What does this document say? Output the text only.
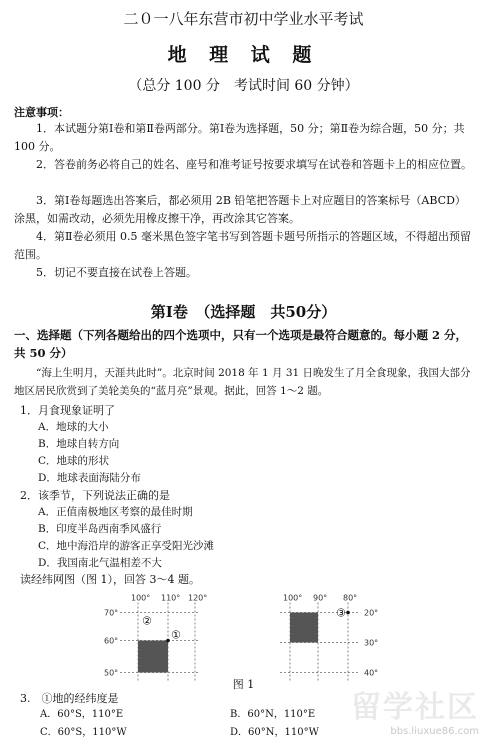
二０一八年东营市初中学业水平考试
地 理 试 题
（总分 100 分　考试时间 60 分钟）
注意事项：
1．本试题分第Ⅰ卷和第Ⅱ卷两部分。第Ⅰ卷为选择题，50 分；第Ⅱ卷为综合题，50 分；共 100 分。
2．答卷前务必将自己的姓名、座号和准考证号按要求填写在试卷和答题卡上的相应位置。
3．第Ⅰ卷每题选出答案后，都必须用 2B 铅笔把答题卡上对应题目的答案标号（ABCD）涂黑，如需改动，必须先用橡皮擦干净，再改涂其它答案。
4．第Ⅱ卷必须用 0.5 毫米黑色签字笔书写到答题卡题号所指示的答题区域，不得超出预留范围。
5．切记不要直接在试卷上答题。
第Ⅰ卷　（选择题　共50分）
一、选择题（下列各题给出的四个选项中，只有一个选项是最符合题意的。每小题 2 分，共 50 分）
“海上生明月，天涯共此时”。北京时间 2018 年 1 月 31 日晚发生了月全食现象，我国大部分地区居民欣赏到了美轮美奂的“蓝月亮”景观。据此，回答 1～2 题。
1．月食现象证明了
A．地球的大小
B．地球自转方向
C．地球的形状
D．地球表面海陆分布
2．该季节，下列说法正确的是
A．正值南极地区考察的最佳时期
B．印度半岛西南季风盛行
C．地中海沿岸的游客正享受阳光沙滩
D．我国南北气温相差不大
读经纬网图（图 1），回答 3～4 题。
100° 110° 120°
70°
60°
50°
②
①
100° 90° 80°
20°
30°
40°
③
图 1
3.　①地的经纬度是
A．60°S，110°E	B．60°N，110°E
C．60°S，110°W	D．60°N，110°W
留学社区
bbs.liuxue86.com
